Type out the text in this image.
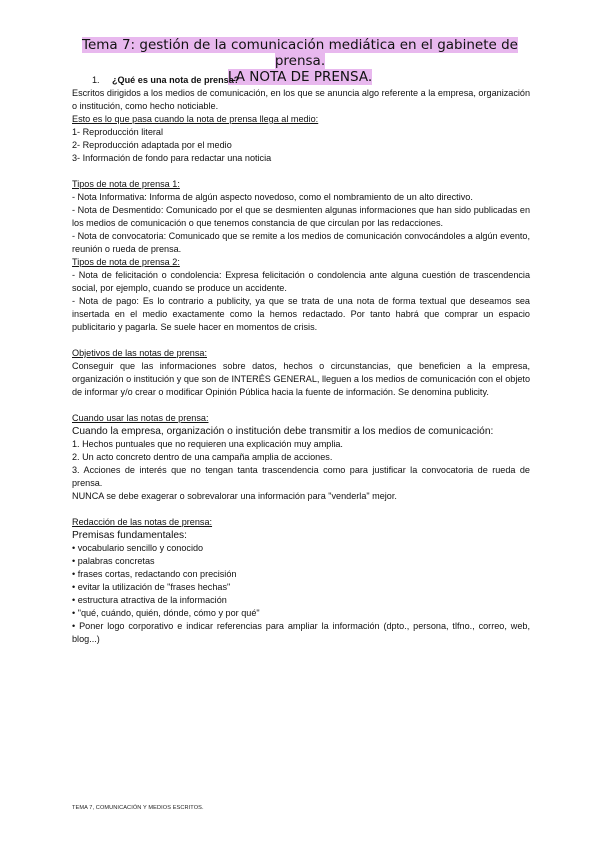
Tema 7: gestión de la comunicación mediática en el gabinete de prensa.
LA NOTA DE PRENSA.

1. ¿Qué es una nota de prensa?

Escritos dirigidos a los medios de comunicación, en los que se anuncia algo referente a la empresa, organización o institución, como hecho noticiable.

Esto es lo que pasa cuando la nota de prensa llega al medio:

1- Reproducción literal

2- Reproducción adaptada por el medio

3- Información de fondo para redactar una noticia

Tipos de nota de prensa 1:

- Nota Informativa: Informa de algún aspecto novedoso, como el nombramiento de un alto directivo.

- Nota de Desmentido: Comunicado por el que se desmienten algunas informaciones que han sido publicadas en los medios de comunicación o que tenemos constancia de que circulan por las redacciones.

- Nota de convocatoria: Comunicado que se remite a los medios de comunicación convocándoles a algún evento, reunión o rueda de prensa.

Tipos de nota de prensa 2:

- Nota de felicitación o condolencia: Expresa felicitación o condolencia ante alguna cuestión de trascendencia social, por ejemplo, cuando se produce un accidente.

- Nota de pago: Es lo contrario a publicity, ya que se trata de una nota de forma textual que deseamos sea insertada en el medio exactamente como la hemos redactado. Por tanto habrá que comprar un espacio publicitario y pagarla. Se suele hacer en momentos de crisis.

Objetivos de las notas de prensa:

Conseguir que las informaciones sobre datos, hechos o circunstancias, que beneficien a la empresa, organización o institución y que son de INTERÉS GENERAL, lleguen a los medios de comunicación con el objeto de informar y/o crear o modificar Opinión Pública hacia la fuente de información. Se denomina publicity.

Cuando usar las notas de prensa:

Cuando la empresa, organización o institución debe transmitir a los medios de comunicación:

1. Hechos puntuales que no requieren una explicación muy amplia.

2. Un acto concreto dentro de una campaña amplia de acciones.

3. Acciones de interés que no tengan tanta trascendencia como para justificar la convocatoria de rueda de prensa.

NUNCA se debe exagerar o sobrevalorar una información para "venderla" mejor.

Redacción de las notas de prensa:

Premisas fundamentales:

• vocabulario sencillo y conocido

• palabras concretas

• frases cortas, redactando con precisión

• evitar la utilización de "frases hechas"

• estructura atractiva de la información

• "qué, cuándo, quién, dónde, cómo y por qué"

• Poner logo corporativo e indicar referencias para ampliar la información (dpto., persona, tlfno., correo, web, blog...)

TEMA 7, COMUNICACIÓN Y MEDIOS ESCRITOS.
